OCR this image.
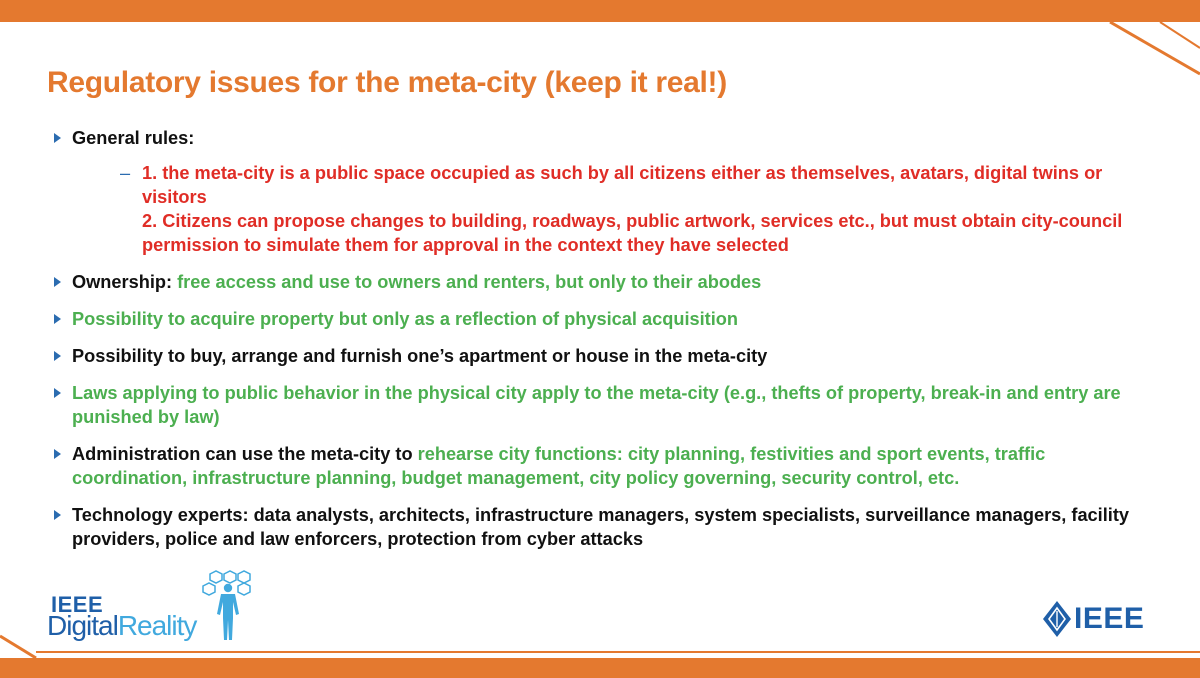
Regulatory issues for the meta-city (keep it real!)
General rules:
– 1. the meta-city is a public space occupied as such by all citizens either as themselves, avatars, digital twins or visitors
2. Citizens can propose changes to building, roadways, public artwork, services etc., but must obtain city-council permission to simulate them for approval in the context they have selected
Ownership: free access and use to owners and renters, but only to their abodes
Possibility to acquire property but only as a reflection of physical acquisition
Possibility to buy, arrange and furnish one’s apartment or house in the meta-city
Laws applying to public behavior in the physical city apply to the meta-city (e.g., thefts of property, break-in and entry are punished by law)
Administration can use the meta-city to rehearse city functions: city planning, festivities and sport events, traffic coordination, infrastructure planning, budget management, city policy governing, security control, etc.
Technology experts: data analysts, architects, infrastructure managers, system specialists, surveillance managers, facility providers, police and law enforcers, protection from cyber attacks
IEEE
DigitalReality	IEEE
